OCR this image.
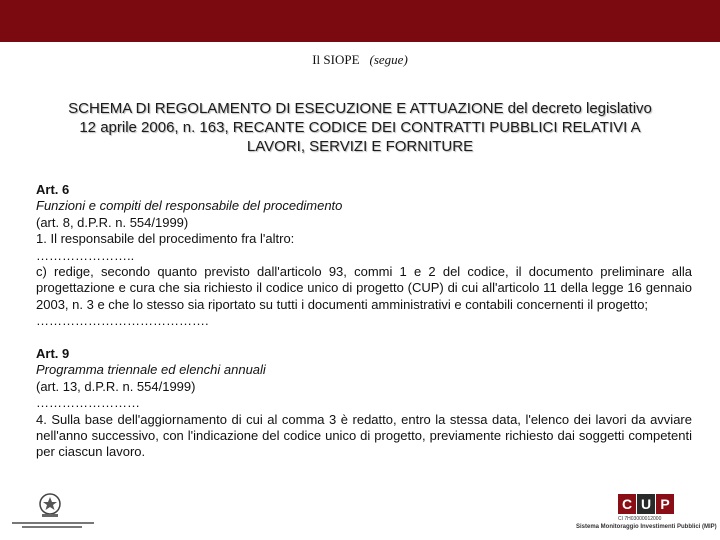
Il SIOPE (segue)
SCHEMA DI REGOLAMENTO DI ESECUZIONE E ATTUAZIONE del decreto legislativo
12 aprile 2006, n. 163, RECANTE CODICE DEI CONTRATTI PUBBLICI RELATIVI A
LAVORI, SERVIZI E FORNITURE

Art. 6

Funzioni e compiti del responsabile del procedimento

(art. 8, d.P.R. n. 554/1999)

1. Il responsabile del procedimento fra l'altro:

…………………..

c) redige, secondo quanto previsto dall'articolo 93, commi 1 e 2 del codice, il documento preliminare alla progettazione e cura che sia richiesto il codice unico di progetto (CUP) di cui all'articolo 11 della legge 16 gennaio 2003, n. 3 e che lo stesso sia riportato su tutti i documenti amministrativi e contabili concernenti il progetto;

………………………………….

Art. 9

Programma triennale ed elenchi annuali

(art. 13, d.P.R. n. 554/1999)

……………………

4. Sulla base dell'aggiornamento di cui al comma 3 è redatto, entro la stessa data, l'elenco dei lavori da avviare nell'anno successivo, con l'indicazione del codice unico di progetto, previamente richiesto dai soggetti competenti per ciascun lavoro.

C U P
CI 7H03000012000
Sistema Monitoraggio Investimenti Pubblici (MIP)
